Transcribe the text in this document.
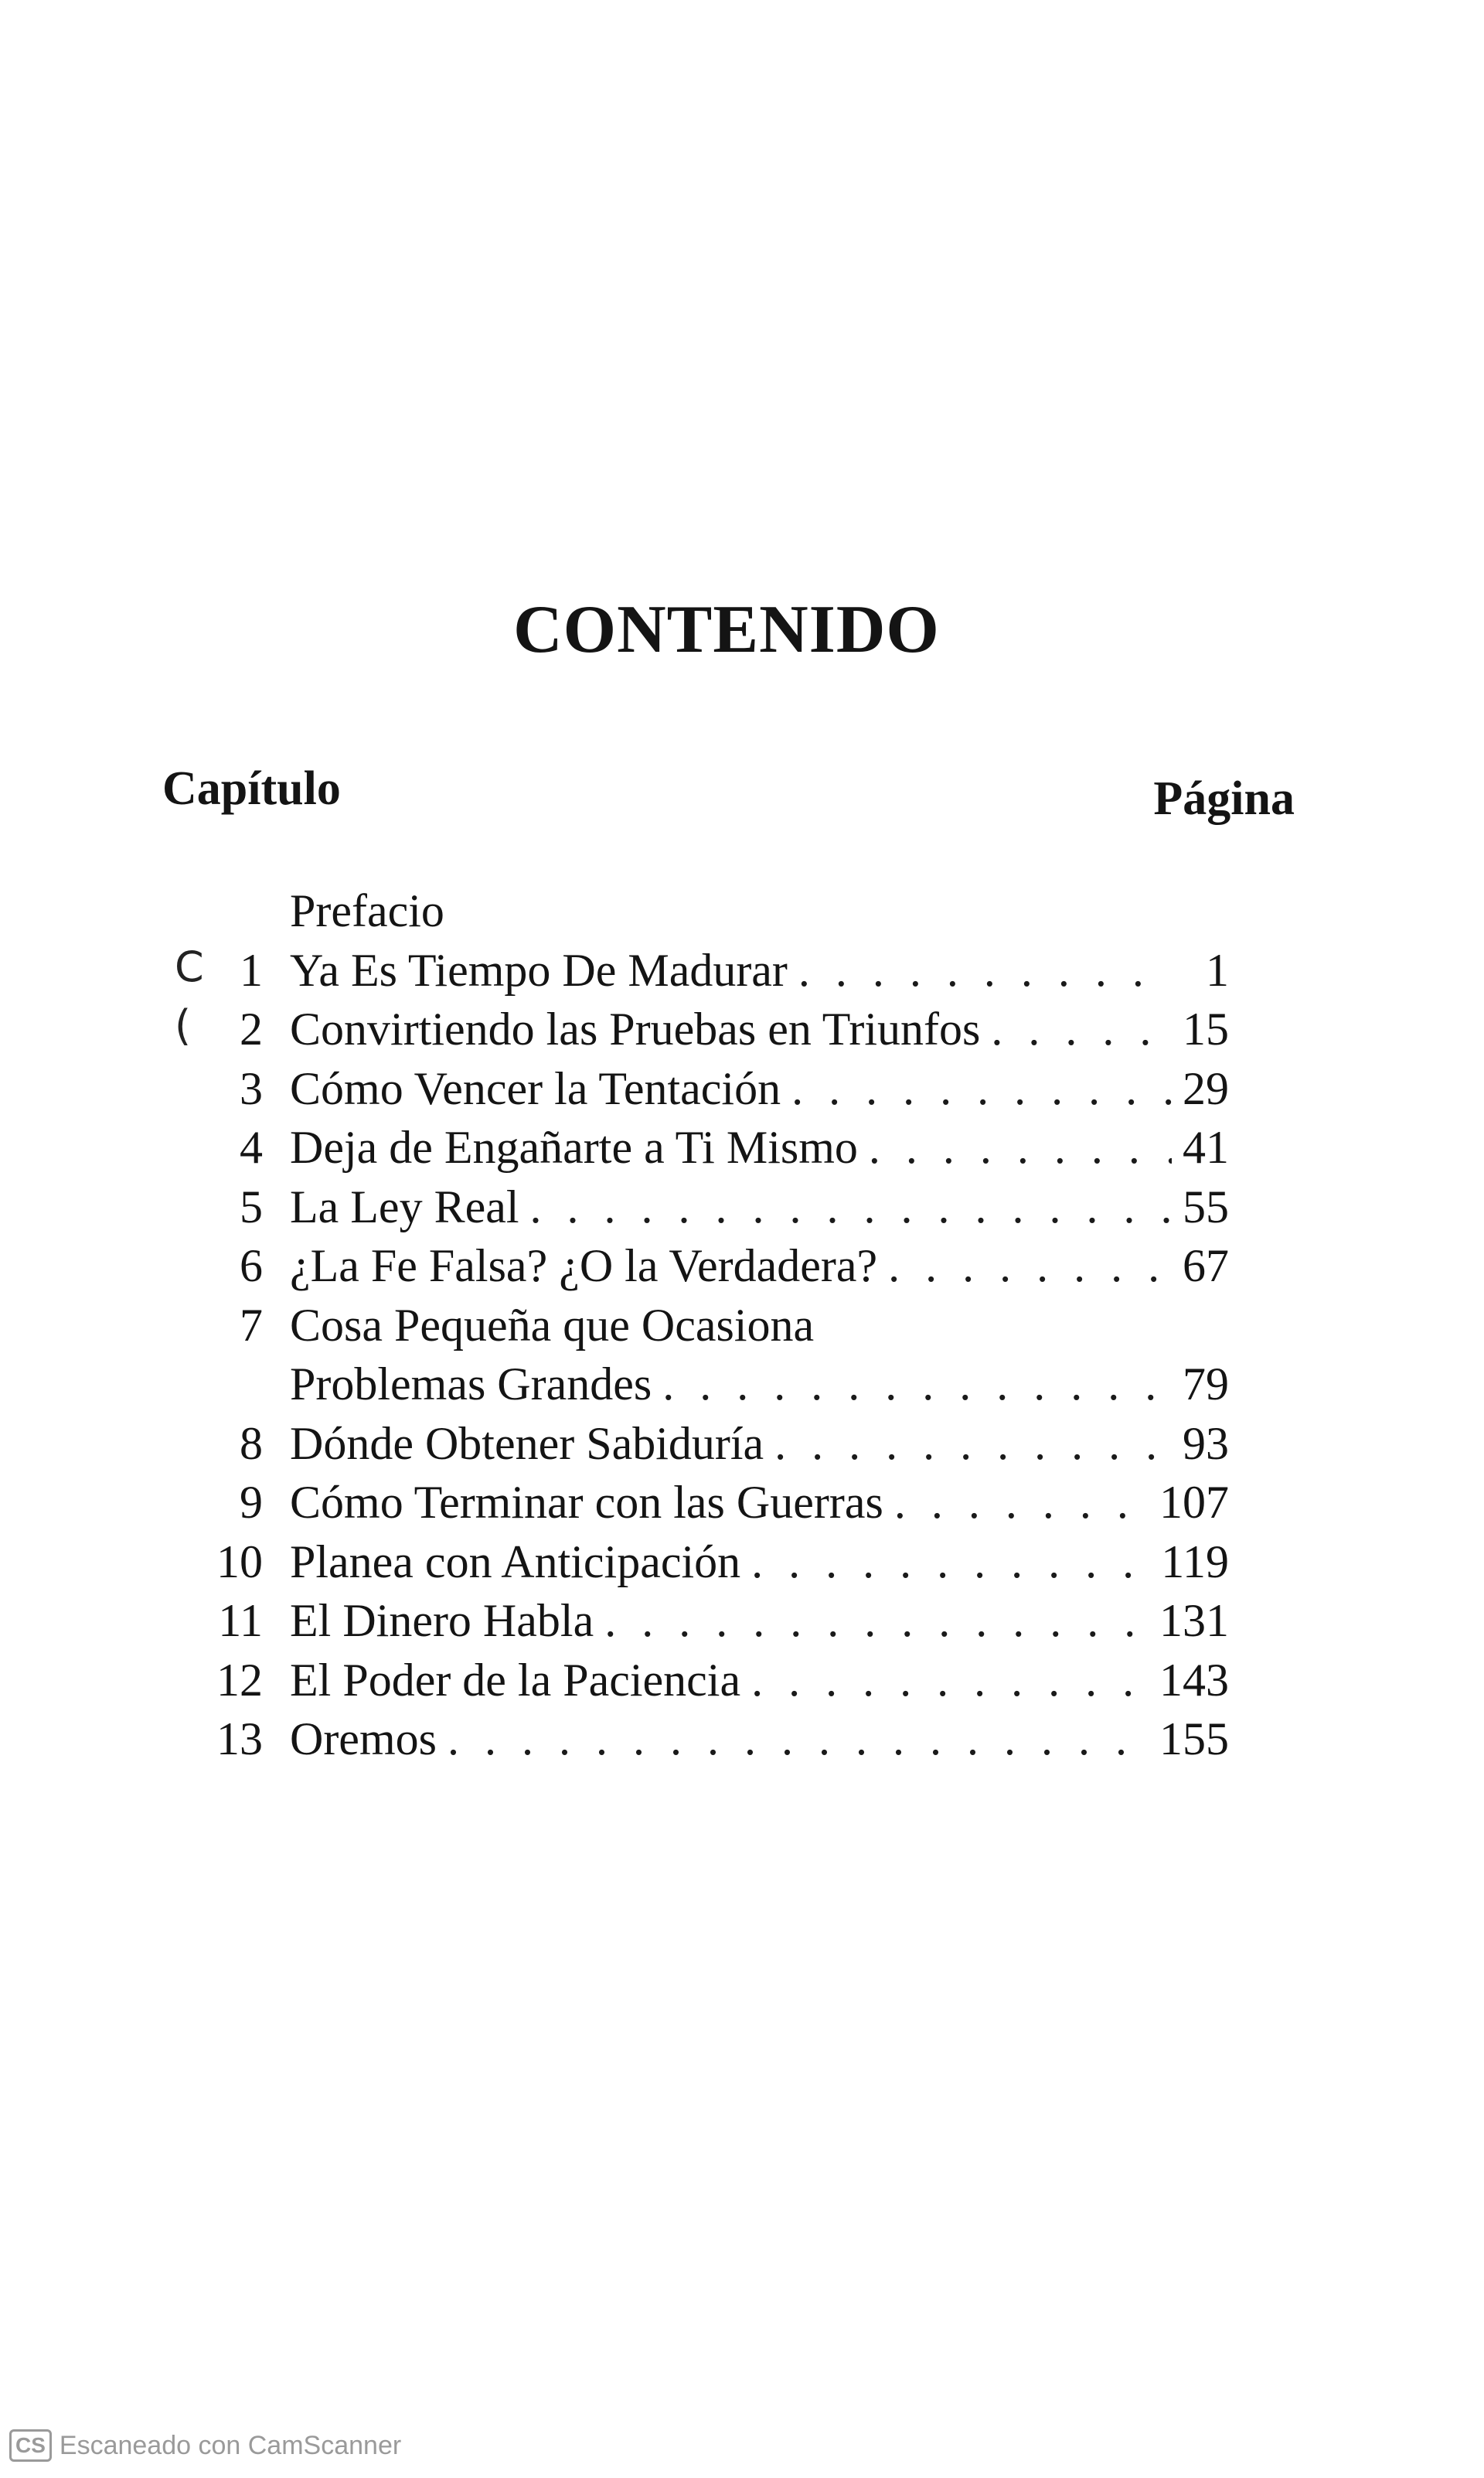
CONTENIDO
Capítulo	Página
Prefacio
C 1 Ya Es Tiempo De Madurar . . .	1
( 2 Convirtiendo las Pruebas en Triunfos . . .	15
3 Cómo Vencer la Tentación . . .	29
4 Deja de Engañarte a Ti Mismo . . .	41
5 La Ley Real . . .	55
6 ¿La Fe Falsa? ¿O la Verdadera? . . .	67
7 Cosa Pequeña que Ocasiona
Problemas Grandes . . .	79
8 Dónde Obtener Sabiduría . . .	93
9 Cómo Terminar con las Guerras . . .	107
10 Planea con Anticipación . . .	119
11 El Dinero Habla . . .	131
12 El Poder de la Paciencia . . .	143
13 Oremos . . .	155
CS Escaneado con CamScanner
